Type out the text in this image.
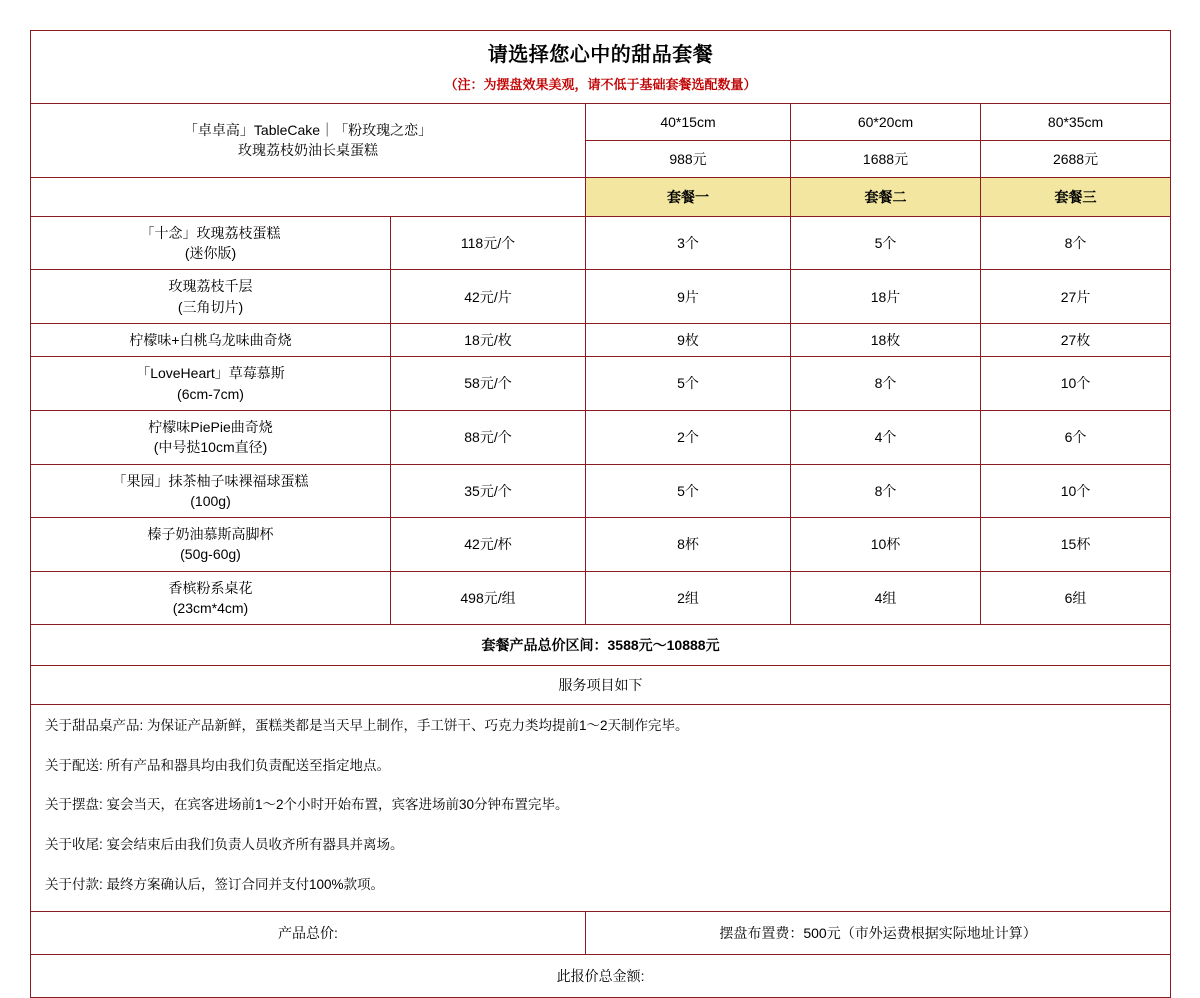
请选择您心中的甜品套餐
（注：为摆盘效果美观，请不低于基础套餐选配数量）				

「卓卓高」TableCake｜「粉玫瑰之恋」
玫瑰荔枝奶油长桌蛋糕		40*15cm	60*20cm	80*35cm
		988元	1688元	2688元
		套餐一	套餐二	套餐三

「十念」玫瑰荔枝蛋糕
(迷你版)	118元/个	3个	5个	8个

玫瑰荔枝千层
(三角切片)	42元/片	9片	18片	27片

柠檬味+白桃乌龙味曲奇烧	18元/枚	9枚	18枚	27枚

「LoveHeart」草莓慕斯
(6cm-7cm)	58元/个	5个	8个	10个

柠檬味PiePie曲奇烧
(中号挞10cm直径)	88元/个	2个	4个	6个

「果园」抹茶柚子味裸福球蛋糕
(100g)	35元/个	5个	8个	10个

榛子奶油慕斯高脚杯
(50g-60g)	42元/杯	8杯	10杯	15杯

香槟粉系桌花
(23cm*4cm)	498元/组	2组	4组	6组
套餐产品总价区间：3588元～10888元				
服务项目如下				

关于甜品桌产品: 为保证产品新鲜，蛋糕类都是当天早上制作，手工饼干、巧克力类均提前1～2天制作完毕。

关于配送: 所有产品和器具均由我们负责配送至指定地点。

关于摆盘: 宴会当天，在宾客进场前1～2个小时开始布置，宾客进场前30分钟布置完毕。

关于收尾: 宴会结束后由我们负责人员收齐所有器具并离场。

关于付款: 最终方案确认后，签订合同并支付100%款项。				

产品总价:		摆盘布置费：500元（市外运费根据实际地址计算）		
此报价总金额:				
